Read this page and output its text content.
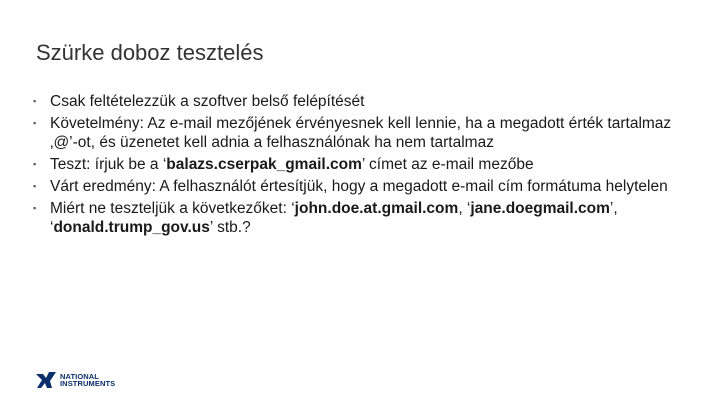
Szürke doboz tesztelés
▪ Csak feltételezzük a szoftver belső felépítését
▪ Követelmény: Az e-mail mezőjének érvényesnek kell lennie, ha a megadott érték tartalmaz ‚@’-ot, és üzenetet kell adnia a felhasználónak ha nem tartalmaz
▪ Teszt: írjuk be a ‘balazs.cserpak_gmail.com’ címet az e-mail mezőbe
▪ Várt eredmény: A felhasználót értesítjük, hogy a megadott e-mail cím formátuma helytelen
▪ Miért ne teszteljük a következőket: ‘john.doe.at.gmail.com, ‘jane.doegmail.com’, ‘donald.trump_gov.us’ stb.?
NATIONAL
INSTRUMENTS
